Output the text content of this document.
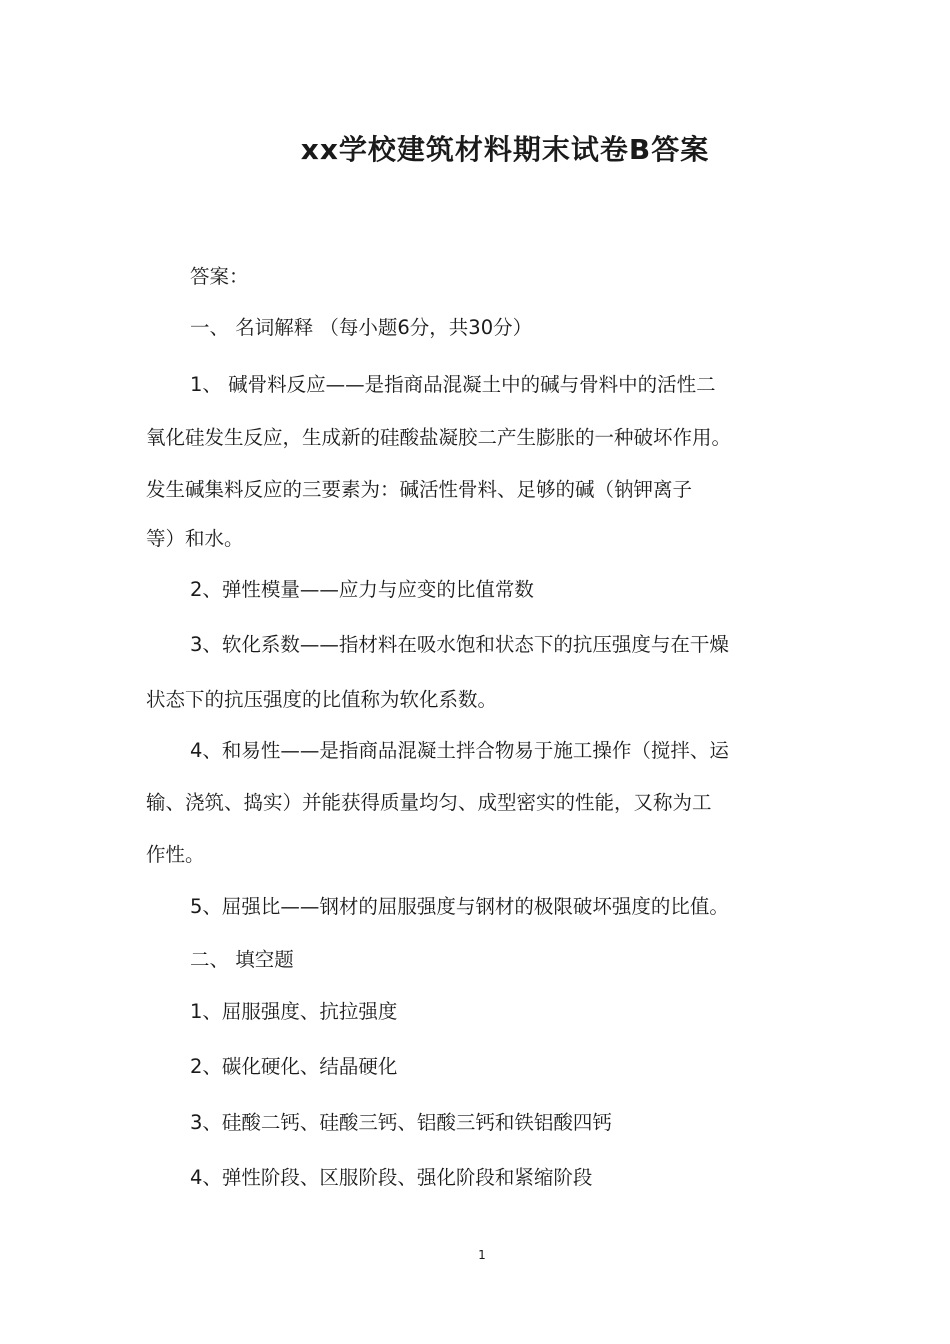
xx学校建筑材料期末试卷B答案
答案：
一、 名词解释 （每小题6分，共30分）
1、 碱骨料反应——是指商品混凝土中的碱与骨料中的活性二
氧化硅发生反应，生成新的硅酸盐凝胶二产生膨胀的一种破坏作用。
发生碱集料反应的三要素为：碱活性骨料、足够的碱（钠钾离子
等）和水。
2、弹性模量——应力与应变的比值常数
3、软化系数——指材料在吸水饱和状态下的抗压强度与在干燥
状态下的抗压强度的比值称为软化系数。
4、和易性——是指商品混凝土拌合物易于施工操作（搅拌、运
输、浇筑、捣实）并能获得质量均匀、成型密实的性能，又称为工
作性。
5、屈强比——钢材的屈服强度与钢材的极限破坏强度的比值。
二、 填空题
1、屈服强度、抗拉强度
2、碳化硬化、结晶硬化
3、硅酸二钙、硅酸三钙、铝酸三钙和铁铝酸四钙
4、弹性阶段、区服阶段、强化阶段和紧缩阶段
1
